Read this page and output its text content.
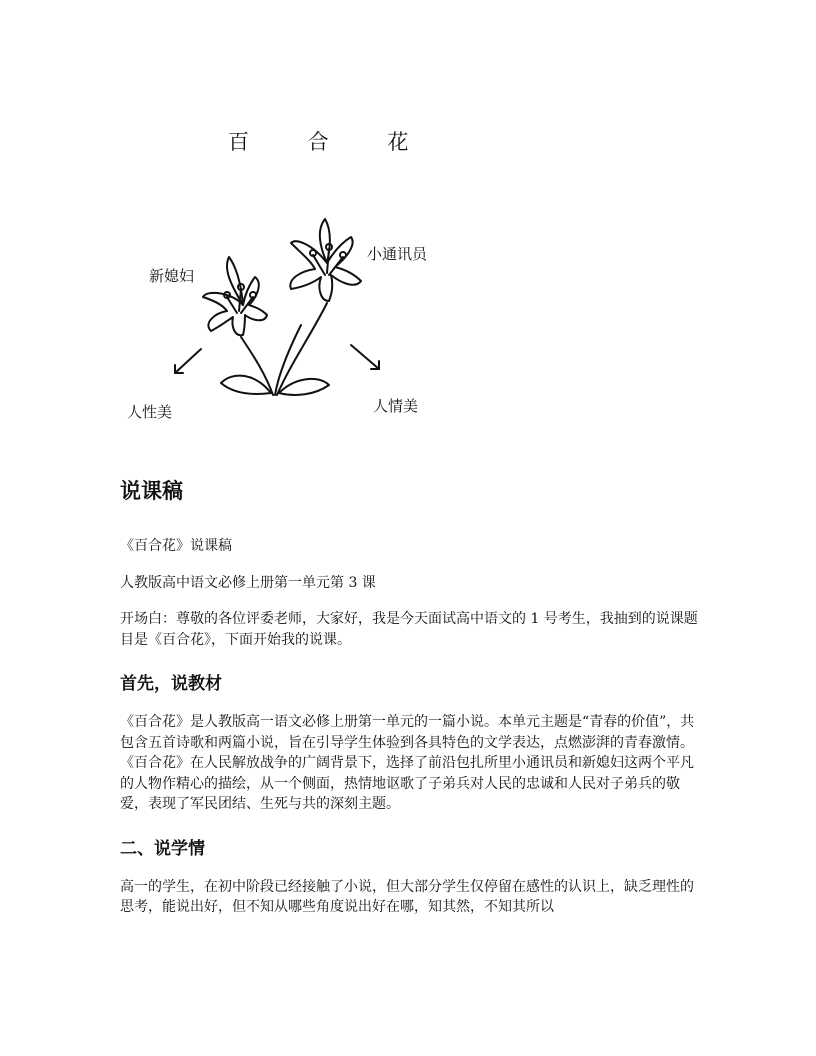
百 合 花
新媳妇
小通讯员
人性美	人情美
说课稿

《百合花》说课稿

人教版高中语文必修上册第一单元第 3 课

开场白：尊敬的各位评委老师，大家好，我是今天面试高中语文的 1 号考生，我抽到的说课题目是《百合花》，下面开始我的说课。

首先，说教材

《百合花》是人教版高一语文必修上册第一单元的一篇小说。本单元主题是“青春的价值”，共包含五首诗歌和两篇小说，旨在引导学生体验到各具特色的文学表达，点燃澎湃的青春激情。《百合花》在人民解放战争的广阔背景下，选择了前沿包扎所里小通讯员和新媳妇这两个平凡的人物作精心的描绘，从一个侧面，热情地讴歌了子弟兵对人民的忠诚和人民对子弟兵的敬爱，表现了军民团结、生死与共的深刻主题。

二、说学情

高一的学生，在初中阶段已经接触了小说，但大部分学生仅停留在感性的认识上，缺乏理性的思考，能说出好，但不知从哪些角度说出好在哪，知其然，不知其所以
